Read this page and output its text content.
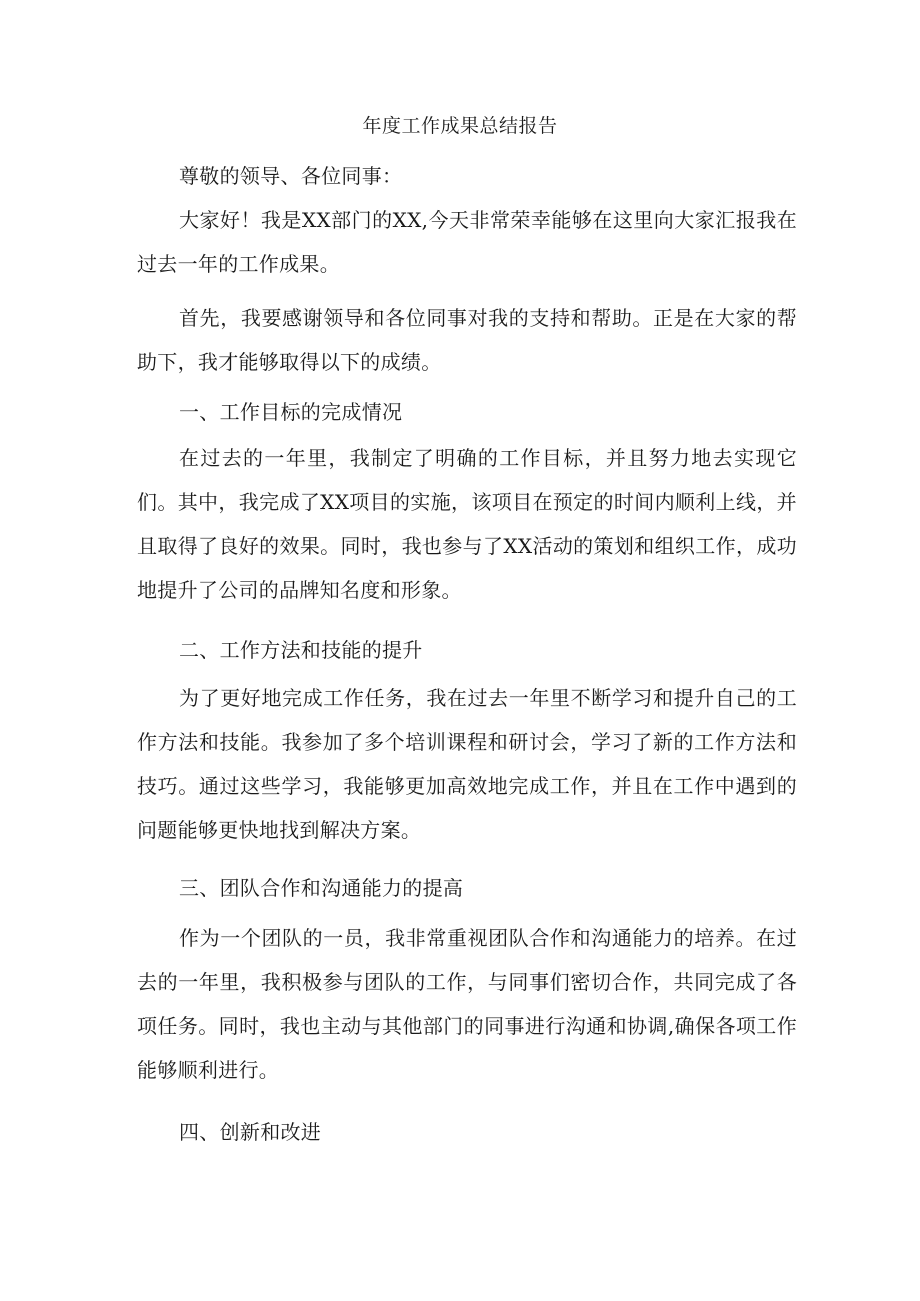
年度工作成果总结报告
尊敬的领导、各位同事：
大家好！我是XX部门的XX,今天非常荣幸能够在这里向大家汇报我在过去一年的工作成果。
首先，我要感谢领导和各位同事对我的支持和帮助。正是在大家的帮助下，我才能够取得以下的成绩。
一、工作目标的完成情况
在过去的一年里，我制定了明确的工作目标，并且努力地去实现它们。其中，我完成了XX项目的实施，该项目在预定的时间内顺利上线，并且取得了良好的效果。同时，我也参与了XX活动的策划和组织工作，成功地提升了公司的品牌知名度和形象。
二、工作方法和技能的提升
为了更好地完成工作任务，我在过去一年里不断学习和提升自己的工作方法和技能。我参加了多个培训课程和研讨会，学习了新的工作方法和技巧。通过这些学习，我能够更加高效地完成工作，并且在工作中遇到的问题能够更快地找到解决方案。
三、团队合作和沟通能力的提高
作为一个团队的一员，我非常重视团队合作和沟通能力的培养。在过去的一年里，我积极参与团队的工作，与同事们密切合作，共同完成了各项任务。同时，我也主动与其他部门的同事进行沟通和协调,确保各项工作能够顺利进行。
四、创新和改进
